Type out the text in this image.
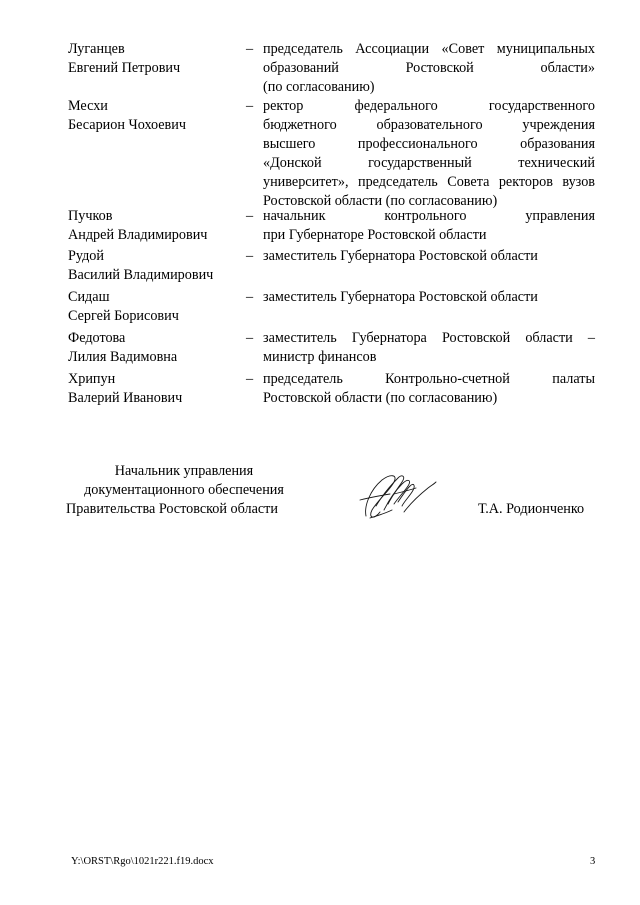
Луганцев
Евгений Петрович
– председатель Ассоциации «Совет муниципальных
образований Ростовской области»
(по согласованию)
Месхи
Бесарион Чохоевич
– ректор федерального государственного
бюджетного образовательного учреждения
высшего профессионального образования
«Донской государственный технический
университет», председатель Совета ректоров вузов
Ростовской области (по согласованию)
Пучков
Андрей Владимирович
– начальник контрольного управления
при Губернаторе Ростовской области
Рудой
Василий Владимирович
– заместитель Губернатора Ростовской области
Сидаш
Сергей Борисович
– заместитель Губернатора Ростовской области
Федотова
Лилия Вадимовна
– заместитель Губернатора Ростовской области –
министр финансов
Хрипун
Валерий Иванович
– председатель Контрольно-счетной палаты
Ростовской области (по согласованию)
Начальник управления
документационного обеспечения
Правительства Ростовской области	Т.А. Родионченко
Y:\ORST\Rgo\1021r221.f19.docx	3
